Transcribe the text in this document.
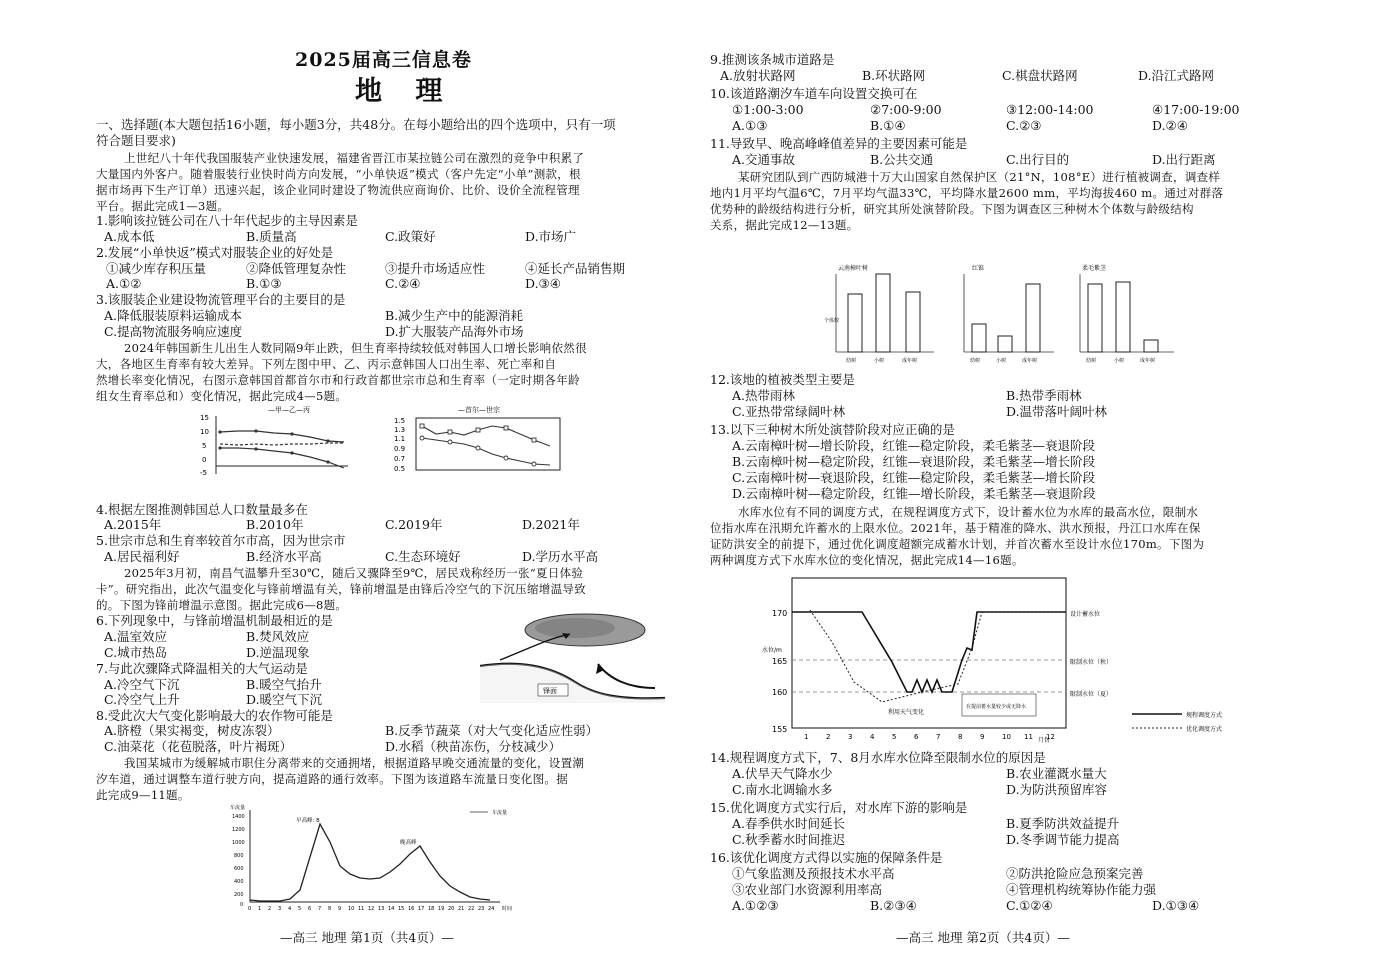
2025届高三信息卷
地 理
一、选择题(本大题包括16小题，每小题3分，共48分。在每小题给出的四个选项中，只有一项
符合题目要求)
上世纪八十年代我国服装产业快速发展，福建省晋江市某拉链公司在激烈的竞争中积累了
大量国内外客户。随着服装行业快时尚方向发展，“小单快返”模式（客户先定“小单”测款，根
据市场再下生产订单）迅速兴起，该企业同时建设了物流供应商询价、比价、设价全流程管理
平台。据此完成1—3题。
1.影响该拉链公司在八十年代起步的主导因素是
A.成本低	B.质量高	C.政策好	D.市场广
2.发展“小单快返”模式对服装企业的好处是
①减少库存积压量	②降低管理复杂性	③提升市场适应性	④延长产品销售期
A.①②	B.①③	C.②④	D.③④
3.该服装企业建设物流管理平台的主要目的是
A.降低服装原料运输成本	B.减少生产中的能源消耗
C.提高物流服务响应速度	D.扩大服装产品海外市场
2024年韩国新生儿出生人数同隔9年止跌，但生育率持续较低对韩国人口增长影响依然很
大，各地区生育率有较大差异。下列左图中甲、乙、丙示意韩国人口出生率、死亡率和自
然增长率变化情况，右图示意韩国首都首尔市和行政首都世宗市总和生育率（一定时期各年龄
组女生育率总和）变化情况，据此完成4—5题。
—甲—乙—丙
15
10
5
0
-5
—首尔—世宗
1.5
1.3
1.1
0.9
0.7
0.5
4.根据左图推测韩国总人口数量最多在
A.2015年	B.2010年	C.2019年	D.2021年
5.世宗市总和生育率较首尔市高，因为世宗市
A.居民福利好	B.经济水平高	C.生态环境好	D.学历水平高
2025年3月初，南昌气温攀升至30℃，随后又骤降至9℃，居民戏称经历一张“夏日体验
卡”。研究指出，此次气温变化与锋前增温有关，锋前增温是由锋后冷空气的下沉压缩增温导致
的。下图为锋前增温示意图。据此完成6—8题。
6.下列现象中，与锋前增温机制最相近的是
A.温室效应	B.焚风效应
C.城市热岛	D.逆温现象
7.与此次骤降式降温相关的大气运动是
A.冷空气下沉	B.暖空气抬升
C.冷空气上升	D.暖空气下沉
锋面
8.受此次大气变化影响最大的农作物可能是
A.脐橙（果实褐变，树皮冻裂）	B.反季节蔬菜（对大气变化适应性弱）
C.油菜花（花苞脱落，叶片褐斑）	D.水稻（秧苗冻伤，分枝减少）
我国某城市为缓解城市职住分离带来的交通拥堵，根据道路早晚交通流量的变化，设置潮
汐车道，通过调整车道行驶方向，提高道路的通行效率。下图为该道路车流量日变化图。据
此完成9—11题。
车流量
车流量
1400
1200
1000
800
600
400
200
0
0 1 2 3 4 5 6 7 8 9 10 11 12 13 14 15 16 17 18 19 20 21 22 23 24 时间
早高峰: 8
晚高峰
—高三 地理 第1页（共4页）—
9.推测该条城市道路是
A.放射状路网	B.环状路网	C.棋盘状路网	D.沿江式路网
10.该道路潮汐车道车向设置交换可在
①1:00-3:00	②7:00-9:00	③12:00-14:00	④17:00-19:00
A.①③	B.①④	C.②③	D.②④
11.导致早、晚高峰峰值差异的主要因素可能是
A.交通事故	B.公共交通	C.出行目的	D.出行距离
某研究团队到广西防城港十万大山国家自然保护区（21°N，108°E）进行植被调查，调查样
地内1月平均气温6℃，7月平均气温33℃，平均降水量2600 mm，平均海拔460 m。通过对群落
优势种的龄级结构进行分析，研究其所处演替阶段。下图为调查区三种树木个体数与龄级结构
关系，据此完成12—13题。
云南樟叶树
个体数
幼树	小树	成年树
红锥
幼树	小树	成年树
柔毛紫茎
幼树	小树	成年树
12.该地的植被类型主要是
A.热带雨林	B.热带季雨林
C.亚热带常绿阔叶林	D.温带落叶阔叶林
13.以下三种树木所处演替阶段对应正确的是
A.云南樟叶树—增长阶段，红锥—稳定阶段，柔毛紫茎—衰退阶段
B.云南樟叶树—稳定阶段，红锥—衰退阶段，柔毛紫茎—增长阶段
C.云南樟叶树—衰退阶段，红锥—稳定阶段，柔毛紫茎—增长阶段
D.云南樟叶树—稳定阶段，红锥—增长阶段，柔毛紫茎—衰退阶段
水库水位有不同的调度方式，在规程调度方式下，设计蓄水位为水库的最高水位，限制水
位指水库在汛期允许蓄水的上限水位。2021年，基于精准的降水、洪水预报，丹江口水库在保
证防洪安全的前提下，通过优化调度超额完成蓄水计划，并首次蓄水至设计水位170m。下图为
两种调度方式下水库水位的变化情况，据此完成14—16题。
水位/m
170
165
160
155
1	2	3	4	5	6	7	8	9	10 11 12
月份
设计蓄水位
限制水位（秋）
限制水位（夏）
利用天气变化
在提前蓄水量较少或无降水
规程调度方式
优化调度方式
14.规程调度方式下，7、8月水库水位降至限制水位的原因是
A.伏旱天气降水少	B.农业灌溉水量大
C.南水北调输水多	D.为防洪预留库容
15.优化调度方式实行后，对水库下游的影响是
A.春季供水时间延长	B.夏季防洪效益提升
C.秋季蓄水时间推迟	D.冬季调节能力提高
16.该优化调度方式得以实施的保障条件是
①气象监测及预报技术水平高	②防洪抢险应急预案完善
③农业部门水资源利用率高	④管理机构统筹协作能力强
A.①②③	B.②③④	C.①②④	D.①③④
—高三 地理 第2页（共4页）—
